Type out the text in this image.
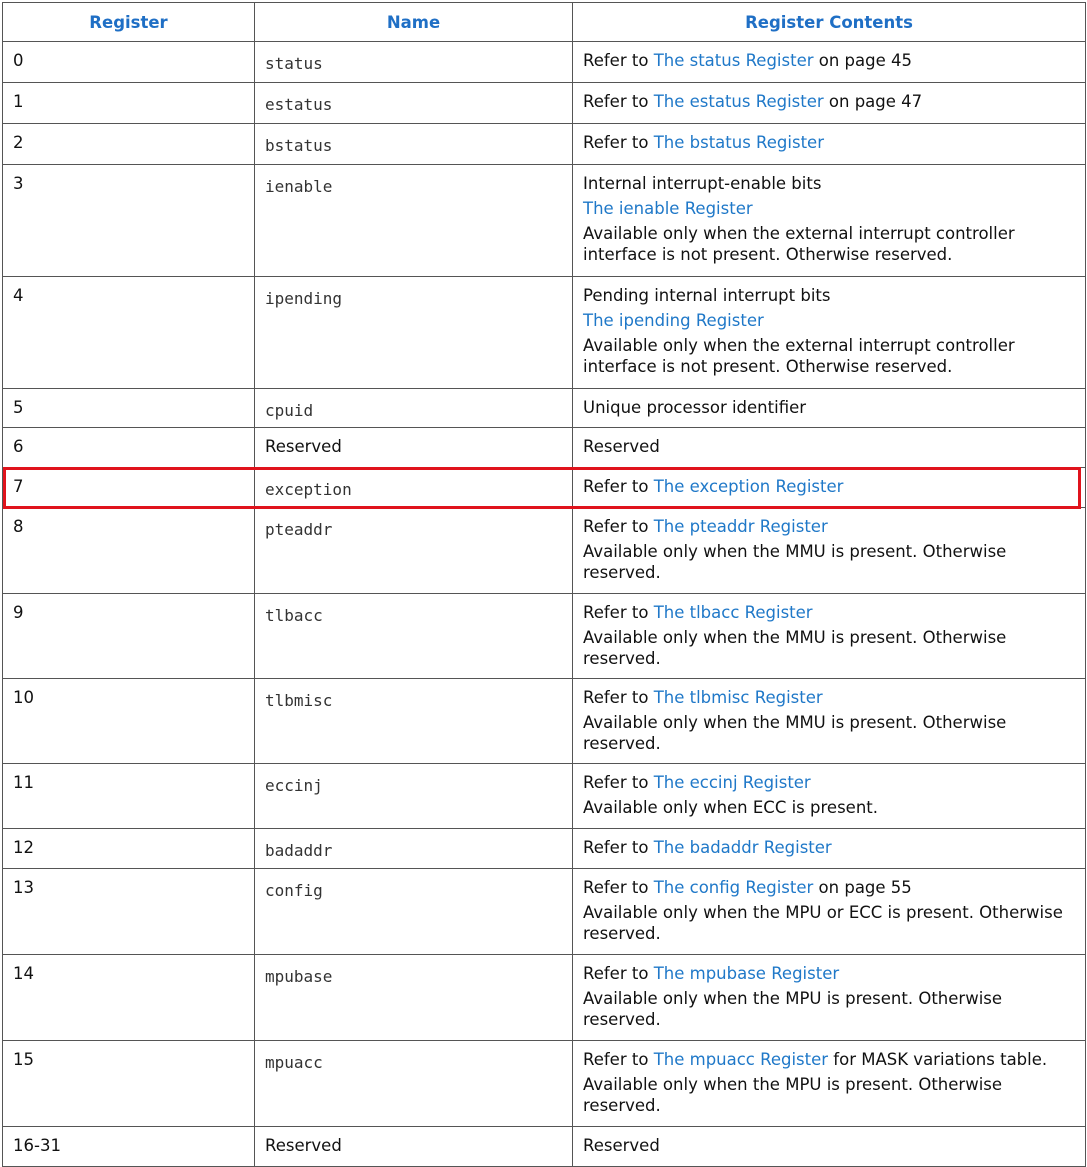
Register	Name	Register Contents
0	status	Refer to The status Register on page 45

1	estatus	Refer to The estatus Register on page 47

2	bstatus	Refer to The bstatus Register

3	ienable	Internal interrupt-enable bits
The ienable Register
Available only when the external interrupt controller interface is not present. Otherwise reserved.

4	ipending	Pending internal interrupt bits
The ipending Register
Available only when the external interrupt controller interface is not present. Otherwise reserved.

5	cpuid	Unique processor identifier

6	Reserved	Reserved

7	exception	Refer to The exception Register

8	pteaddr	Refer to The pteaddr Register
Available only when the MMU is present. Otherwise reserved.

9	tlbacc	Refer to The tlbacc Register
Available only when the MMU is present. Otherwise reserved.

10	tlbmisc	Refer to The tlbmisc Register
Available only when the MMU is present. Otherwise reserved.

11	eccinj	Refer to The eccinj Register
Available only when ECC is present.

12	badaddr	Refer to The badaddr Register

13	config	Refer to The config Register on page 55
Available only when the MPU or ECC is present. Otherwise reserved.

14	mpubase	Refer to The mpubase Register
Available only when the MPU is present. Otherwise reserved.

15	mpuacc	Refer to The mpuacc Register for MASK variations table.
Available only when the MPU is present. Otherwise reserved.

16-31	Reserved	Reserved
